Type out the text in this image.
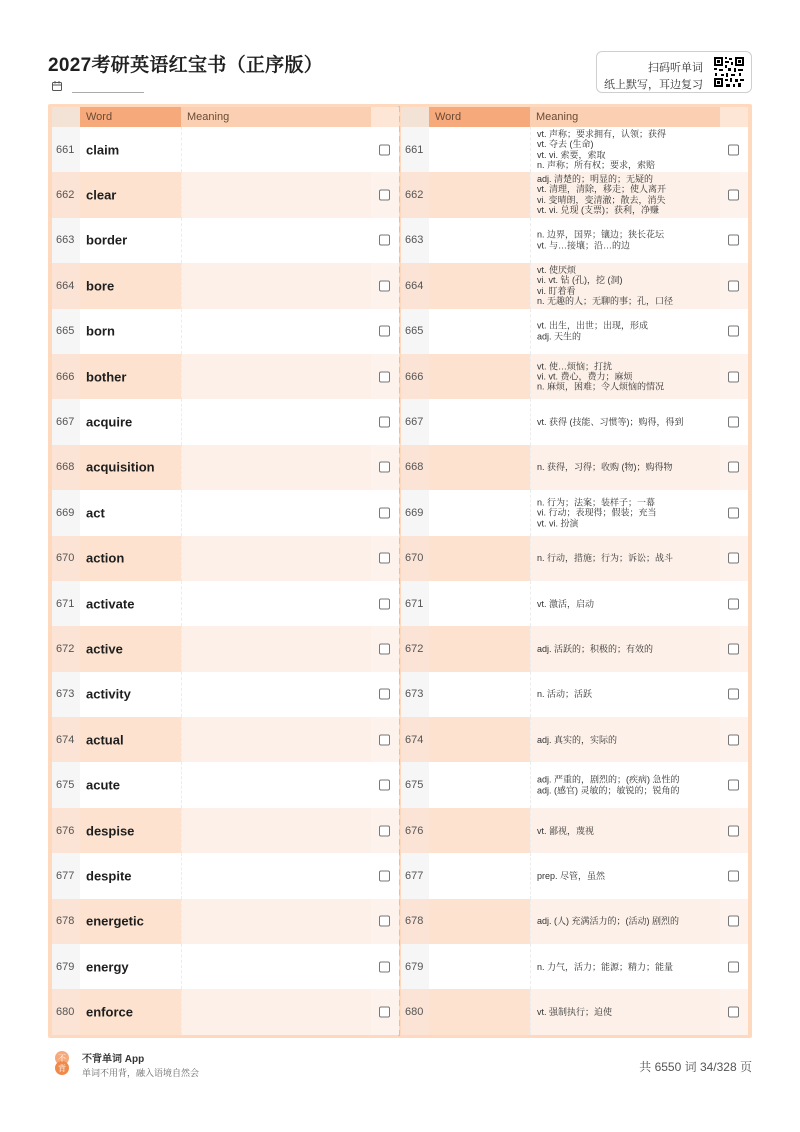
2027考研英语红宝书（正序版）	扫码听单词
纸上默写，耳边复习
Word	Meaning
661 claim
662 clear
663 border
664 bore
665 born
666 bother
667 acquire
668 acquisition
669 act
670 action
671 activate
672 active
673 activity
674 actual
675 acute
676 despise
677 despite
678 energetic
679 energy
680 enforce
Word	Meaning
661
vt. 声称；要求拥有，认领；获得
vt. 夺去 (生命)
vt. vi. 索要，索取
n. 声称；所有权；要求，索赔
662
adj. 清楚的；明显的；无疑的
vt. 清理，清除，移走；使人离开
vi. 变晴朗，变清澈；散去，消失
vt. vi. 兑现 (支票)；获利，净赚
663	n. 边界，国界；镶边；狭长花坛
vt. 与…接壤；沿…的边
664
vt. 使厌烦
vi. vt. 钻 (孔)，挖 (洞)
vi. 盯着看
n. 无趣的人；无聊的事；孔，口径
665	vt. 出生，出世；出现，形成
adj. 天生的
666
vt. 使…烦恼；打扰
vi. vt. 费心，费力；麻烦
n. 麻烦，困难；令人烦恼的情况
667	vt. 获得 (技能、习惯等)；购得，得到
668	n. 获得，习得；收购 (物)；购得物
669
n. 行为；法案；装样子；一幕
vi. 行动；表现得；假装；充当
vt. vi. 扮演
670	n. 行动，措施；行为；诉讼；战斗
671	vt. 激活，启动
672	adj. 活跃的；积极的；有效的
673	n. 活动；活跃
674	adj. 真实的，实际的
675	adj. 严重的，剧烈的；(疾病) 急性的
adj. (感官) 灵敏的；敏锐的；锐角的
676	vt. 鄙视，蔑视
677	prep. 尽管，虽然
678	adj. (人) 充满活力的；(活动) 剧烈的
679	n. 力气，活力；能源；精力；能量
680	vt. 强制执行；迫使
不
背
不背单词 App
单词不用背，融入语境自然会	共 6550 词 34/328 页
